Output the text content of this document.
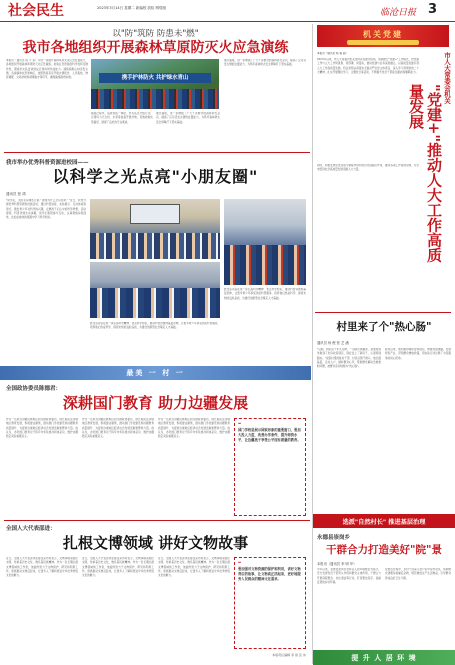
社会民生	2023年3月14日 星期二 新编校 质检 网络版	临沧日报 3
以"防"筑防 防患未"燃"
我市各地组织开展森林草原防灭火应急演练
本报讯（通讯员 陈 少 荣）为进一步提升森林草原火灾应急处置能力，各地组织开展森林草原防灭火应急演练，检验应急预案的科学性和可操作性，锻炼扑火队伍快速反应和协同作战能力。演练模拟山林突发火情，各参演单位迅速响应，按照预案有序开展火情报告、人员集结、物资调配、火场扑救和清理看守等环节，确保演练取得实效。	携手护林防火 共护绿水青山
演练过程中，指挥部统一调度，扑火队员分组行动，运用风力灭火机、水泵等装备开展扑救，有效控制火势蔓延，展现了良好的专业素质。
通过演练，进一步增强了广大干部群众的森林防火意识，提高了应对突发火情的处置能力，为筑牢森林防火安全屏障打下坚实基础。
通过演练，进一步增强了广大干部群众的森林防火意识，提高了应对突发火情的处置能力，为筑牢森林防火安全屏障打下坚实基础。
我市举办优秀科普资源进校园——
以科学之光点亮"小朋友圈"
通讯员 张 鸿
"同学们，太阳系有哪些行星？地球为什么会有四季？"近日，我市开展优秀科普资源进校园活动，通过科普讲座、实验展示、互动体验等形式，激发青少年对科学的兴趣，点燃孩子们心中的科学梦想。活动现场，科普老师生动讲解，同学们积极参与互动，认真观察实验现象，在轻松愉快的氛围中学习科学知识。
此次活动旨在进一步弘扬科学精神、普及科学知识，推动科普资源向基层延伸，让更多青少年享受优质科普服务，培养他们热爱科学、探索未知的良好品质，为建设创新型社会奠定人才基础。
此次活动旨在进一步弘扬科学精神、普及科学知识，推动科普资源向基层延伸，让更多青少年享受优质科普服务，培养他们热爱科学、探索未知的良好品质，为建设创新型社会奠定人才基础。
最美 一 村 一
全国政协委员陈德君：
深耕国门教育 助力边疆发展
作为一名来自边疆民族地区的全国政协委员，他长期关注边境地区教育发展，积极建言献策，推动国门学校建设和边疆教育质量提升，为促进边境地区经济社会发展贡献智慧和力量。他认为，办好国门教育对于铸牢中华民族共同体意识、维护边疆稳定具有重要意义。
作为一名来自边疆民族地区的全国政协委员，他长期关注边境地区教育发展，积极建言献策，推动国门学校建设和边疆教育质量提升，为促进边境地区经济社会发展贡献智慧和力量。他认为，办好国门教育对于铸牢中华民族共同体意识、维护边疆稳定具有重要意义。
作为一名来自边疆民族地区的全国政协委员，他长期关注边境地区教育发展，积极建言献策，推动国门学校建设和边疆教育质量提升，为促进边境地区经济社会发展贡献智慧和力量。他认为，办好国门教育对于铸牢中华民族共同体意识、维护边疆稳定具有重要意义。
❝
国门学校是展示国家形象的重要窗口，要加大投入力度，改善办学条件，提升师资水平，让边疆孩子享受公平而有质量的教育。
全国人大代表邵进：
扎根文博领域 讲好文物故事
近日，全国人大代表邵进在接受采访时表示，文物承载着灿烂文明，传承着历史文化，维系着民族精神。作为一名长期扎根文博领域的工作者，他始终致力于文物保护、研究和利用工作，积极推动文物活起来，让更多人了解和感受中华优秀传统文化的魅力。
近日，全国人大代表邵进在接受采访时表示，文物承载着灿烂文明，传承着历史文化，维系着民族精神。作为一名长期扎根文博领域的工作者，他始终致力于文物保护、研究和利用工作，积极推动文物活起来，让更多人了解和感受中华优秀传统文化的魅力。
近日，全国人大代表邵进在接受采访时表示，文物承载着灿烂文明，传承着历史文化，维系着民族精神。作为一名长期扎根文博领域的工作者，他始终致力于文物保护、研究和利用工作，积极推动文物活起来，让更多人了解和感受中华优秀传统文化的魅力。
❝
要加强对文物资源的保护和利用，讲好文物背后的故事，让文物真正活起来，更好地服务人民群众的精神文化需求。
本版责任编辑 李 艳 张 伟
机关党建
本报讯（通讯员 杨 春 丽）
2023年以来，市人大常委会机关坚持以党建为统领，创新推行"党建+"工作模式，把党建工作与人大工作同谋划、同部署、同落实，推动党建与业务深度融合，以高质量党建引领人大工作高质量发展。机关党组认真落实全面从严治党主体责任，深入学习贯彻党的二十大精神，扎实开展理论学习、主题党日等活动，不断提升党员干部政治素质和履职能力。	市人大常委会机关
"党建+"推动人大工作高质量发展
同时，积极发挥党支部战斗堡垒作用和党员先锋模范作用，推动各项工作落地见效，为全市经济社会高质量发展贡献人大力量。
村里来了个"热心肠"
通讯员 杨 俊 张 艺 涵
"以前，我家房子年久失修，一到雨天就漏水，是他帮我争取到了危房改造项目，现在住上了新房子，心里特别踏实。"说起村里的驻村干部，村民们赞不绝口。他扎根基层，走村入户，倾听群众心声，帮助群众解决急难愁盼问题，被群众亲切地称为"热心肠"。
驻村以来，他积极协调资金和项目，修建村组道路，发展特色产业，带领群众增收致富，用实际行动诠释了为民服务的初心使命。
选派"自然村长" 推进基层治理
永德县崇岗乡
干群合力打造美好"院"景
本报讯（通讯员 李 明 华）
今年以来，永德县崇岗乡坚持以人居环境整治为抓手，充分发挥党员干部带头作用和群众主体作用，干群合力开展庭院整治、村庄清洁等行动，打造整洁有序、美丽宜居的乡村环境。
在整治过程中，乡村干部深入农户家中宣传动员，帮助群众清理房前屋后杂物，规范堆放生产生活物品，引导群众养成良好卫生习惯。
提 升 人 居 环 境
